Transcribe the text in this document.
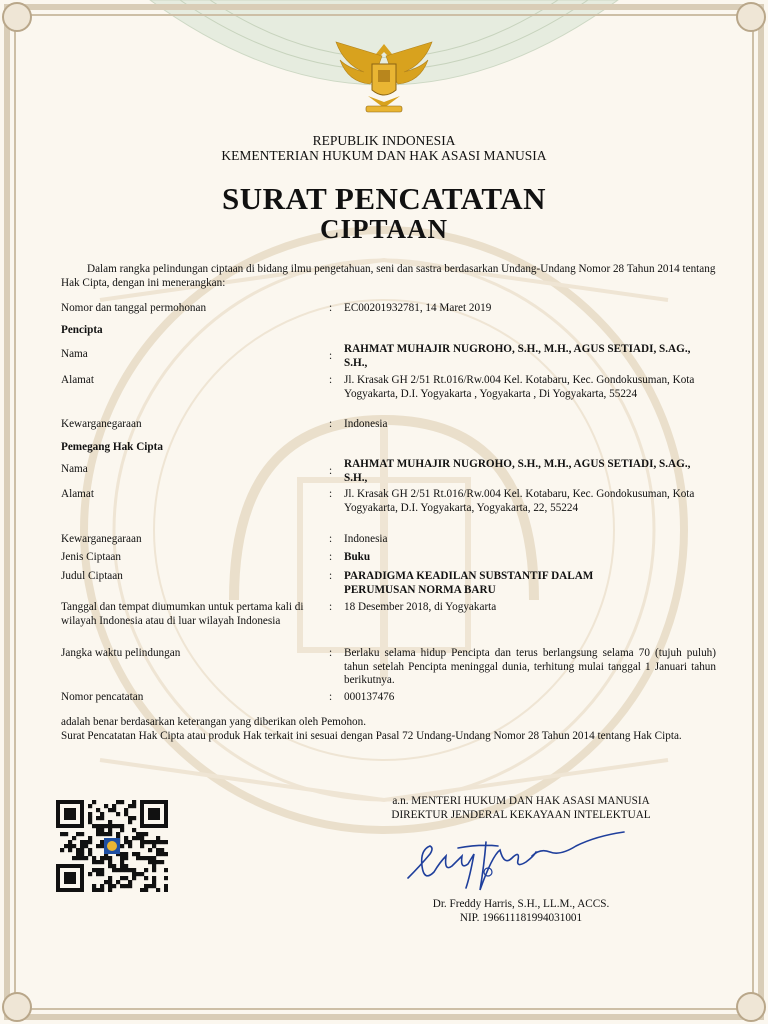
REPUBLIK INDONESIA
KEMENTERIAN HUKUM DAN HAK ASASI MANUSIA
SURAT PENCATATAN
CIPTAAN
Dalam rangka pelindungan ciptaan di bidang ilmu pengetahuan, seni dan sastra berdasarkan Undang-Undang Nomor 28 Tahun 2014 tentang Hak Cipta, dengan ini menerangkan:
Nomor dan tanggal permohonan	: EC00201932781, 14 Maret 2019
Pencipta
Nama	:
RAHMAT MUHAJIR NUGROHO, S.H., M.H., AGUS SETIADI, S.AG., S.H.,
Alamat	: Jl. Krasak GH 2/51 Rt.016/Rw.004 Kel. Kotabaru, Kec. Gondokusuman, Kota Yogyakarta, D.I. Yogyakarta , Yogyakarta , Di Yogyakarta, 55224
Kewarganegaraan	: Indonesia
Pemegang Hak Cipta
Nama	:
RAHMAT MUHAJIR NUGROHO, S.H., M.H., AGUS SETIADI, S.AG., S.H.,
Alamat	: Jl. Krasak GH 2/51 Rt.016/Rw.004 Kel. Kotabaru, Kec. Gondokusuman, Kota Yogyakarta, D.I. Yogyakarta, Yogyakarta, 22, 55224
Kewarganegaraan	: Indonesia
Jenis Ciptaan	: Buku
Judul Ciptaan	: PARADIGMA KEADILAN SUBSTANTIF DALAM PERUMUSAN NORMA BARU
Tanggal dan tempat diumumkan untuk pertama kali di wilayah Indonesia atau di luar wilayah Indonesia
: 18 Desember 2018, di Yogyakarta
Jangka waktu pelindungan	: Berlaku selama hidup Pencipta dan terus berlangsung selama 70 (tujuh puluh) tahun setelah Pencipta meninggal dunia, terhitung mulai tanggal 1 Januari tahun berikutnya.
Nomor pencatatan	: 000137476
adalah benar berdasarkan keterangan yang diberikan oleh Pemohon.
Surat Pencatatan Hak Cipta atau produk Hak terkait ini sesuai dengan Pasal 72 Undang-Undang Nomor 28 Tahun 2014 tentang Hak Cipta.
a.n. MENTERI HUKUM DAN HAK ASASI MANUSIA
DIREKTUR JENDERAL KEKAYAAN INTELEKTUAL
Dr. Freddy Harris, S.H., LL.M., ACCS.
NIP. 196611181994031001
